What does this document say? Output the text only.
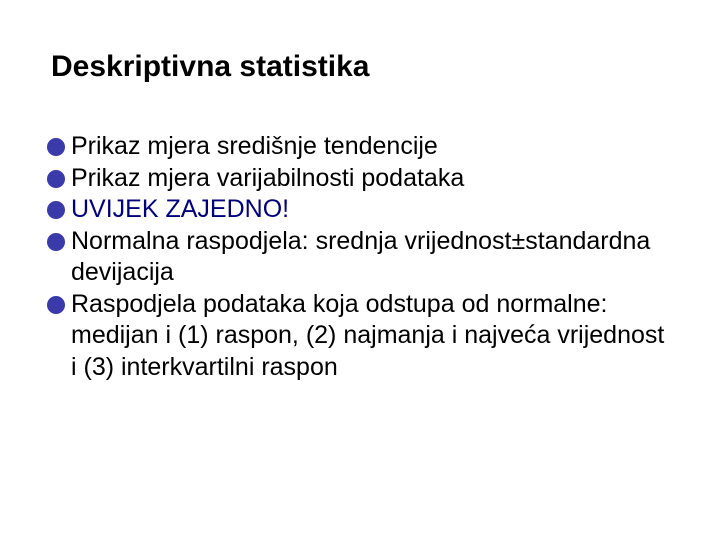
Deskriptivna statistika
Prikaz mjera središnje tendencije
Prikaz mjera varijabilnosti podataka
UVIJEK ZAJEDNO!
Normalna raspodjela: srednja vrijednost±standardna devijacija
Raspodjela podataka koja odstupa od normalne: medijan i (1) raspon, (2) najmanja i najveća vrijednost i (3) interkvartilni raspon
